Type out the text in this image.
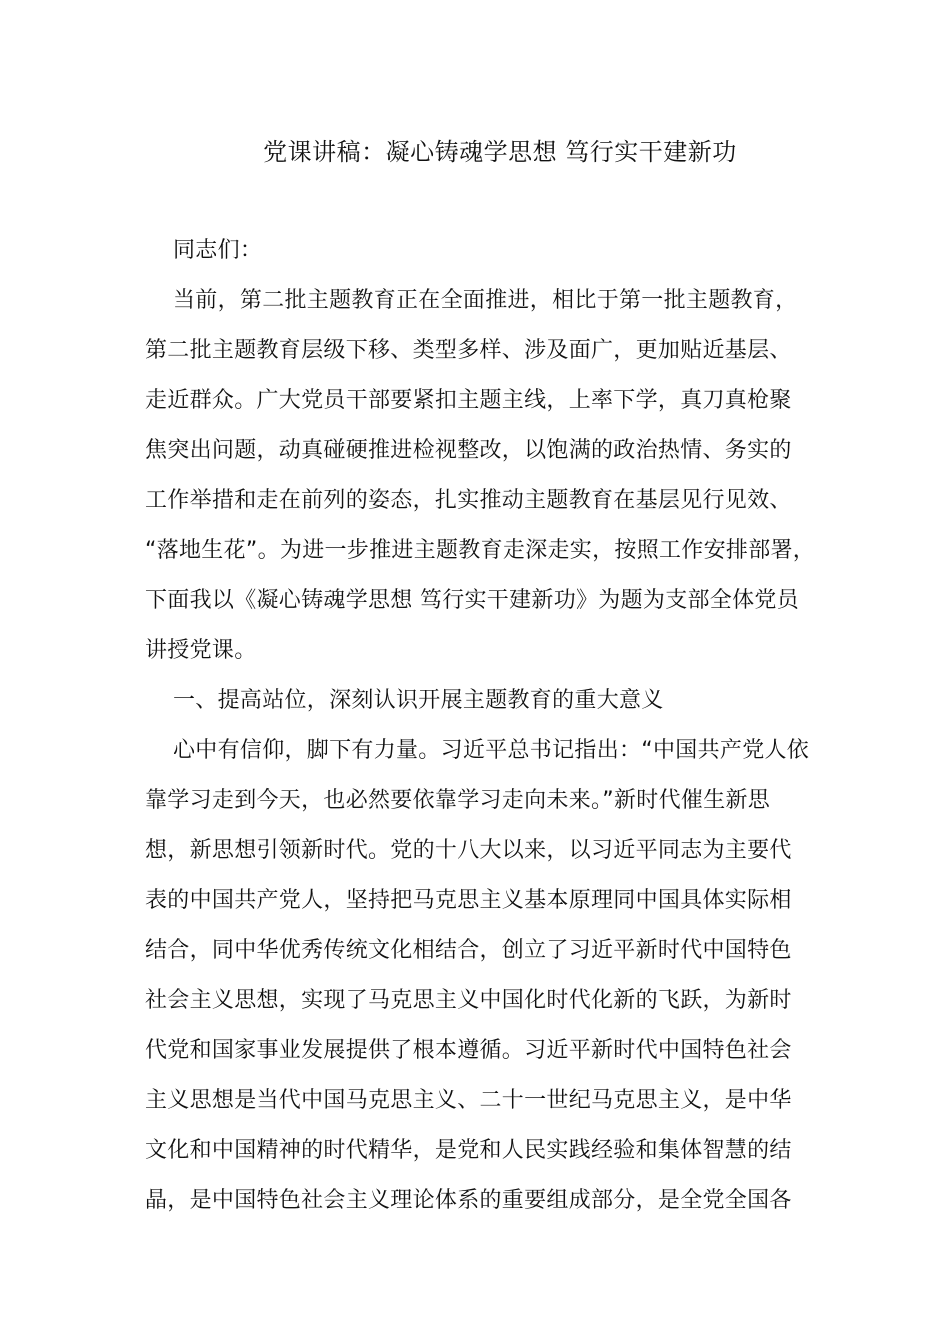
党课讲稿：凝心铸魂学思想 笃行实干建新功
同志们：
当前，第二批主题教育正在全面推进，相比于第一批主题教育，
第二批主题教育层级下移、类型多样、涉及面广，更加贴近基层、
走近群众。广大党员干部要紧扣主题主线，上率下学，真刀真枪聚
焦突出问题，动真碰硬推进检视整改，以饱满的政治热情、务实的
工作举措和走在前列的姿态，扎实推动主题教育在基层见行见效、
“落地生花”。为进一步推进主题教育走深走实，按照工作安排部署，
下面我以《凝心铸魂学思想 笃行实干建新功》为题为支部全体党员
讲授党课。
一、提高站位，深刻认识开展主题教育的重大意义
心中有信仰，脚下有力量。习近平总书记指出：“中国共产党人依
靠学习走到今天，也必然要依靠学习走向未来。”新时代催生新思
想，新思想引领新时代。党的十八大以来，以习近平同志为主要代
表的中国共产党人，坚持把马克思主义基本原理同中国具体实际相
结合，同中华优秀传统文化相结合，创立了习近平新时代中国特色
社会主义思想，实现了马克思主义中国化时代化新的飞跃，为新时
代党和国家事业发展提供了根本遵循。习近平新时代中国特色社会
主义思想是当代中国马克思主义、二十一世纪马克思主义，是中华
文化和中国精神的时代精华，是党和人民实践经验和集体智慧的结
晶，是中国特色社会主义理论体系的重要组成部分，是全党全国各
